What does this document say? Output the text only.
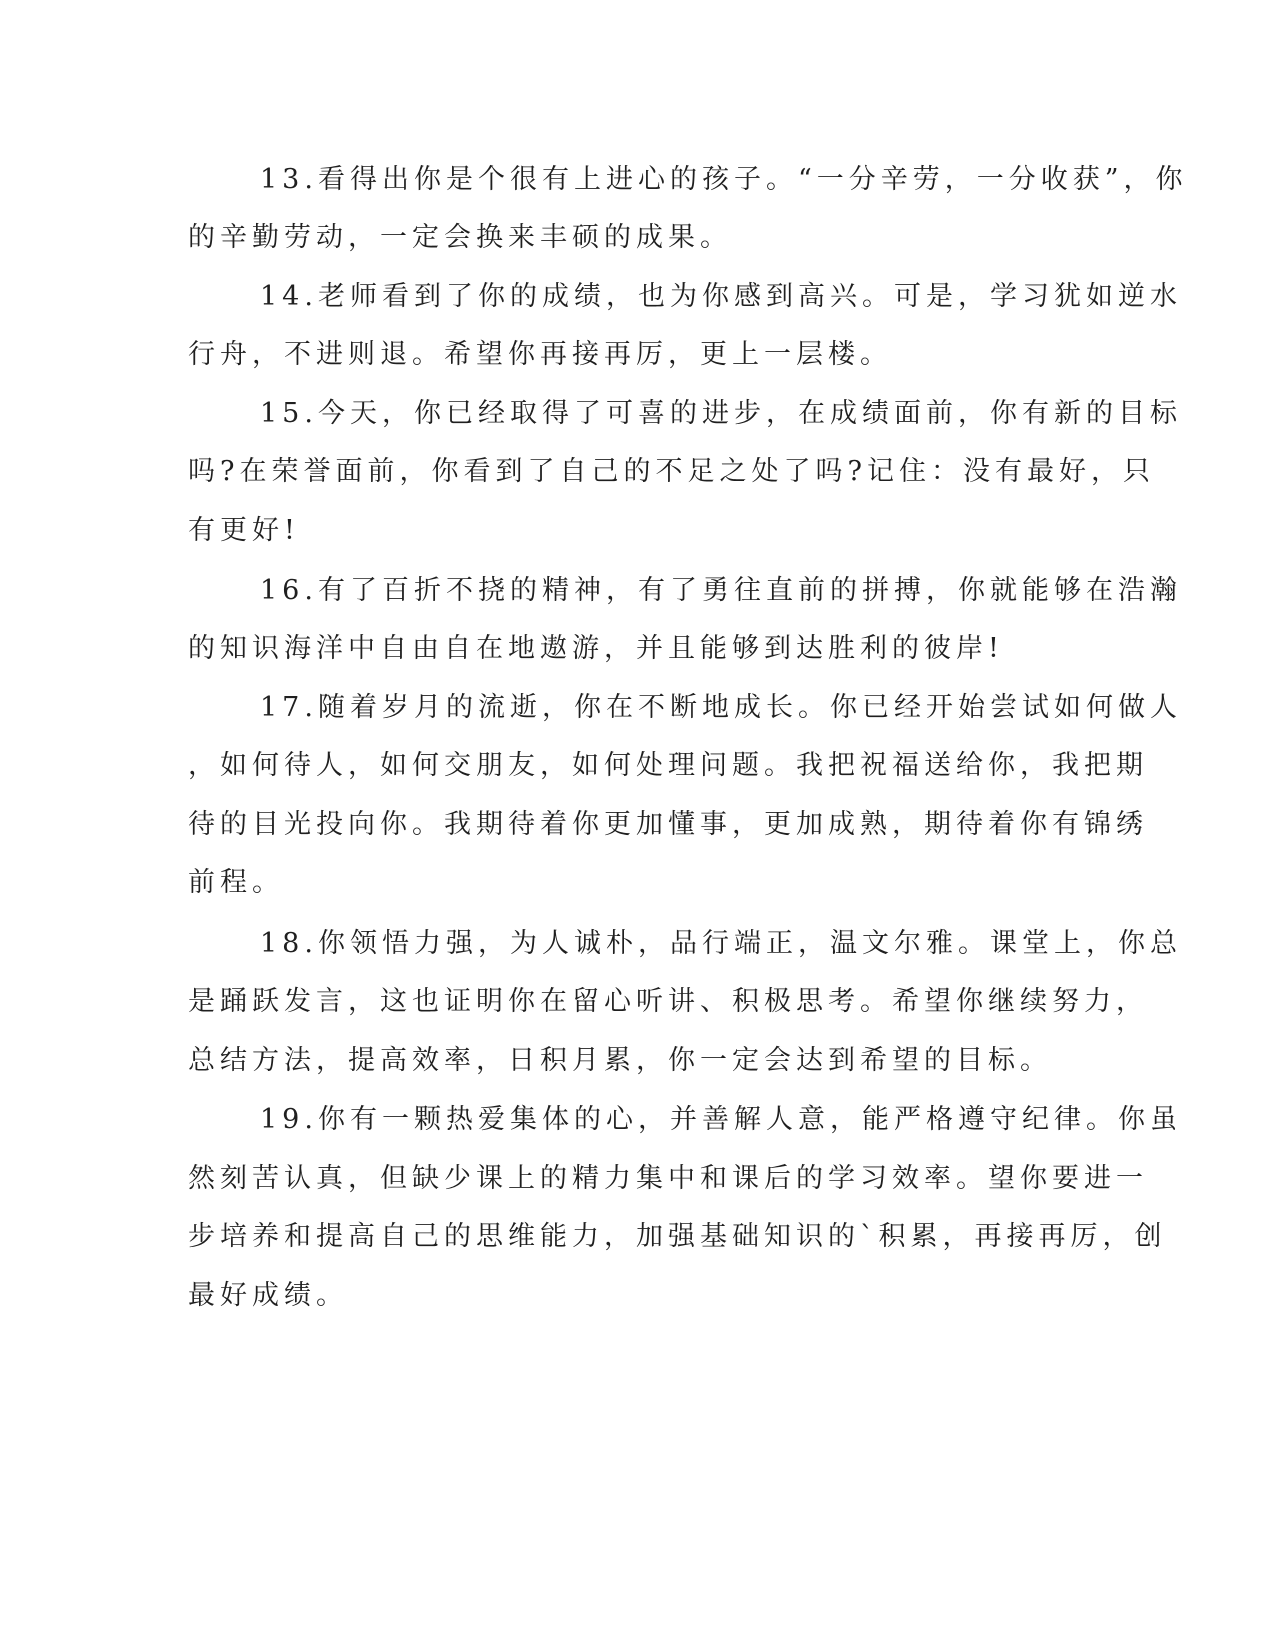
13.看得出你是个很有上进心的孩子。“一分辛劳，一分收获”，你
的辛勤劳动，一定会换来丰硕的成果。
14.老师看到了你的成绩，也为你感到高兴。可是，学习犹如逆水
行舟，不进则退。希望你再接再厉，更上一层楼。
15.今天，你已经取得了可喜的进步，在成绩面前，你有新的目标
吗?在荣誉面前，你看到了自己的不足之处了吗?记住：没有最好，只
有更好!
16.有了百折不挠的精神，有了勇往直前的拼搏，你就能够在浩瀚
的知识海洋中自由自在地遨游，并且能够到达胜利的彼岸!
17.随着岁月的流逝，你在不断地成长。你已经开始尝试如何做人
，如何待人，如何交朋友，如何处理问题。我把祝福送给你，我把期
待的目光投向你。我期待着你更加懂事，更加成熟，期待着你有锦绣
前程。
18.你领悟力强，为人诚朴，品行端正，温文尔雅。课堂上，你总
是踊跃发言，这也证明你在留心听讲、积极思考。希望你继续努力，
总结方法，提高效率，日积月累，你一定会达到希望的目标。
19.你有一颗热爱集体的心，并善解人意，能严格遵守纪律。你虽
然刻苦认真，但缺少课上的精力集中和课后的学习效率。望你要进一
步培养和提高自己的思维能力，加强基础知识的`积累，再接再厉，创
最好成绩。
